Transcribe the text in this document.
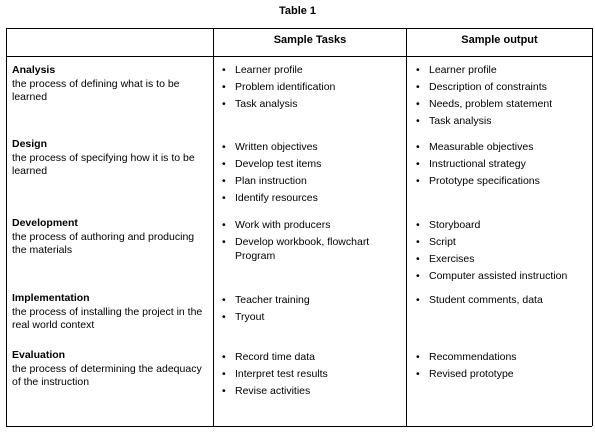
Table 1
Sample Tasks	Sample output
Analysis
the process of defining what is to be learned
• Learner profile
• Problem identification
• Task analysis
• Learner profile
• Description of constraints
• Needs, problem statement
• Task analysis
Design
the process of specifying how it is to be learned
• Written objectives
• Develop test items
• Plan instruction
• Identify resources
• Measurable objectives
• Instructional strategy
• Prototype specifications
Development
the process of authoring and producing the materials
• Work with producers
• Develop workbook, flowchart Program
• Storyboard
• Script
• Exercises
• Computer assisted instruction
Implementation
the process of installing the project in the real world context
• Teacher training
• Tryout
• Student comments, data
Evaluation
the process of determining the adequacy of the instruction
• Record time data
• Interpret test results
• Revise activities
• Recommendations
• Revised prototype
